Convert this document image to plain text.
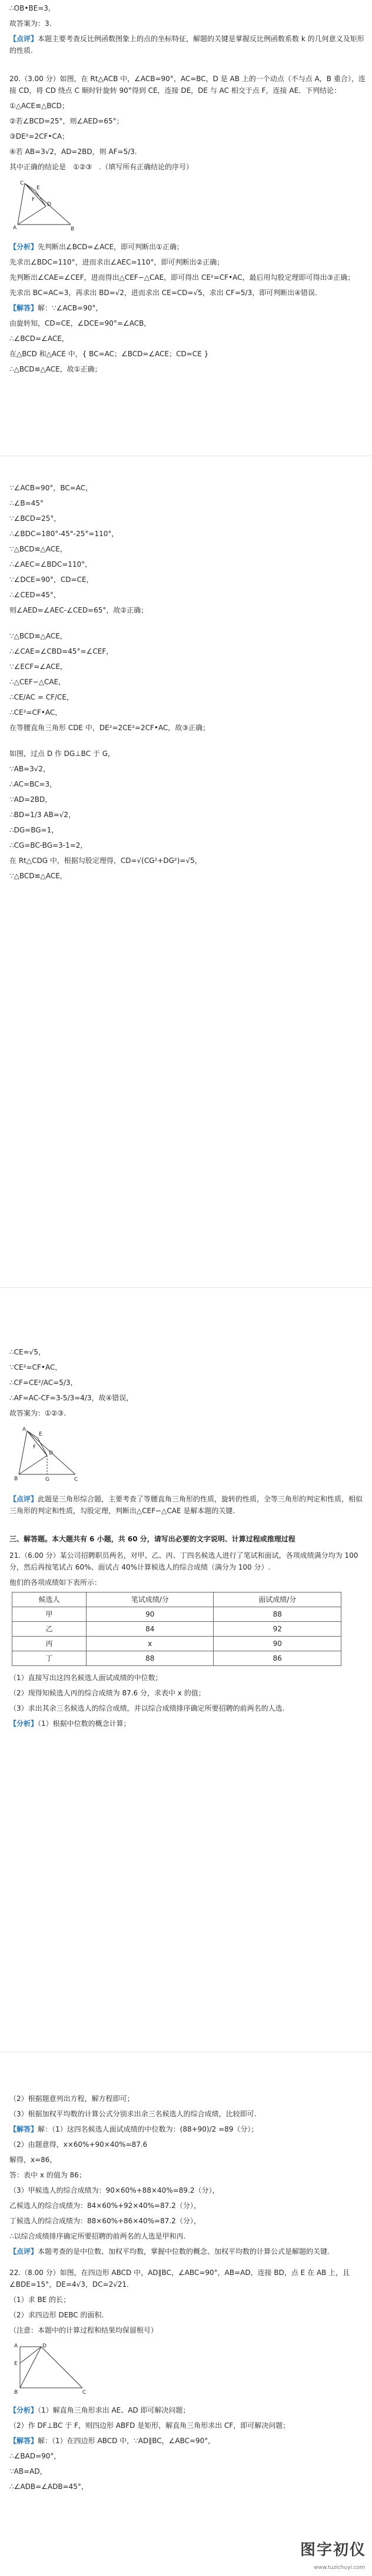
∴OB•BE=3,

故答案为：3.

【点评】本题主要考查反比例函数图象上的点的坐标特征，解题的关键是掌握反比例函数系数 k 的几何意义及矩形的性质.

20.（3.00 分）如图，在 Rt△ACB 中，∠ACB=90°，AC=BC，D 是 AB 上的一个动点（不与点 A，B 重合），连接 CD，将 CD 绕点 C 顺时针旋转 90°得到 CE，连接 DE，DE 与 AC 相交于点 F，连接 AE．下列结论：

①△ACE≌△BCD；

②若∠BCD=25°，则∠AED=65°；

③DE²=2CF•CA；

④若 AB=3√2，AD=2BD，则 AF=5/3.

其中正确的结论是　①②③　.（填写所有正确结论的序号）

C
A	B
D
E
F

【分析】先判断出∠BCD=∠ACE，即可判断出①正确；

先求出∠BDC=110°，进而求出∠AEC=110°，即可判断出②正确；

先判断出∠CAE=∠CEF，进而得出△CEF∽△CAE，即可得出 CE²=CF•AC，最后用勾股定理即可得出③正确；

先求出 BC=AC=3，再求出 BD=√2，进而求出 CE=CD=√5，求出 CF=5/3，即可判断出④错误.

【解答】解：∵∠ACB=90°，

由旋转知，CD=CE，∠DCE=90°=∠ACB，

∴∠BCD=∠ACE，

在△BCD 和△ACE 中，{ BC=AC；∠BCD=∠ACE；CD=CE }

∴△BCD≌△ACE，故①正确；

∵∠ACB=90°，BC=AC，

∴∠B=45°

∵∠BCD=25°，

∴∠BDC=180°-45°-25°=110°，

∵△BCD≌△ACE，

∴∠AEC=∠BDC=110°，

∵∠DCE=90°，CD=CE，

∴∠CED=45°，

则∠AED=∠AEC-∠CED=65°，故②正确；

∵△BCD≌△ACE，

∴∠CAE=∠CBD=45°=∠CEF，

∵∠ECF=∠ACE，

∴△CEF∽△CAE，

∴CE/AC = CF/CE，

∴CE²=CF•AC，

在等腰直角三角形 CDE 中，DE²=2CE²=2CF•AC，故③正确；

如图，过点 D 作 DG⊥BC 于 G，

∵AB=3√2，

∴AC=BC=3，

∵AD=2BD，

∴BD=1/3 AB=√2，

∴DG=BG=1，

∴CG=BC-BG=3-1=2，

在 Rt△CDG 中，根据勾股定理得，CD=√(CG²+DG²)=√5，

∵△BCD≌△ACE，

∴CE=√5，

∵CE²=CF•AC，

∴CF=CE²/AC=5/3，

∴AF=AC-CF=3-5/3=4/3，故④错误，

故答案为：①②③.

A
E
F
D
B	G	C

【点评】此题是三角形综合题，主要考查了等腰直角三角形的性质，旋转的性质，全等三角形的判定和性质，相似三角形的判定和性质，勾股定理，判断出△CEF∽△CAE 是解本题的关键.

三、解答题。本大题共有 6 小题，共 60 分，请写出必要的文字说明、计算过程或推理过程

21.（6.00 分）某公司招聘职员两名，对甲、乙、丙、丁四名候选人进行了笔试和面试，各项成绩满分均为 100 分，然后再按笔试占 60%、面试占 40%计算候选人的综合成绩（满分为 100 分）.

他们的各项成绩如下表所示：

候选人	笔试成绩/分	面试成绩/分
甲	90	88
乙	84	92
丙	x	90
丁	88	86

（1）直接写出这四名候选人面试成绩的中位数；

（2）现得知候选人丙的综合成绩为 87.6 分，求表中 x 的值；

（3）求出其余三名候选人的综合成绩，并以综合成绩排序确定所要招聘的前两名的人选.

【分析】（1）根据中位数的概念计算；

（2）根据题意列出方程，解方程即可；

（3）根据加权平均数的计算公式分别求出余三名候选人的综合成绩，比较即可.

【解答】解：（1）这四名候选人面试成绩的中位数为：(88+90)/2 =89（分）；

（2）由题意得，x×60%+90×40%=87.6

解得，x=86，

答：表中 x 的值为 86；

（3）甲候选人的综合成绩为：90×60%+88×40%=89.2（分），

乙候选人的综合成绩为：84×60%+92×40%=87.2（分），

丁候选人的综合成绩为：88×60%+86×40%=87.2（分），

∴以综合成绩排序确定所要招聘的前两名的人选是甲和丙.

【点评】本题考查的是中位数、加权平均数，掌握中位数的概念、加权平均数的计算公式是解题的关键.

22.（8.00 分）如图，在四边形 ABCD 中，AD∥BC，∠ABC=90°，AB=AD，连接 BD，点 E 在 AB 上，且∠BDE=15°，DE=4√3，DC=2√21.

（1）求 BE 的长；

（2）求四边形 DEBC 的面积.

（注意：本题中的计算过程和结果均保留根号）

A	D
E
B	C

【分析】（1）解直角三角形求出 AE、AD 即可解决问题；

（2）作 DF⊥BC 于 F，则四边形 ABFD 是矩形，解直角三角形求出 CF，即可解决问题；

【解答】解：（1）在四边形 ABCD 中，∵AD∥BC，∠ABC=90°，

∴∠BAD=90°，

∵AB=AD，

∴∠ADB=∠ADB=45°，

图字初仪
www.tuzichuyi.com
